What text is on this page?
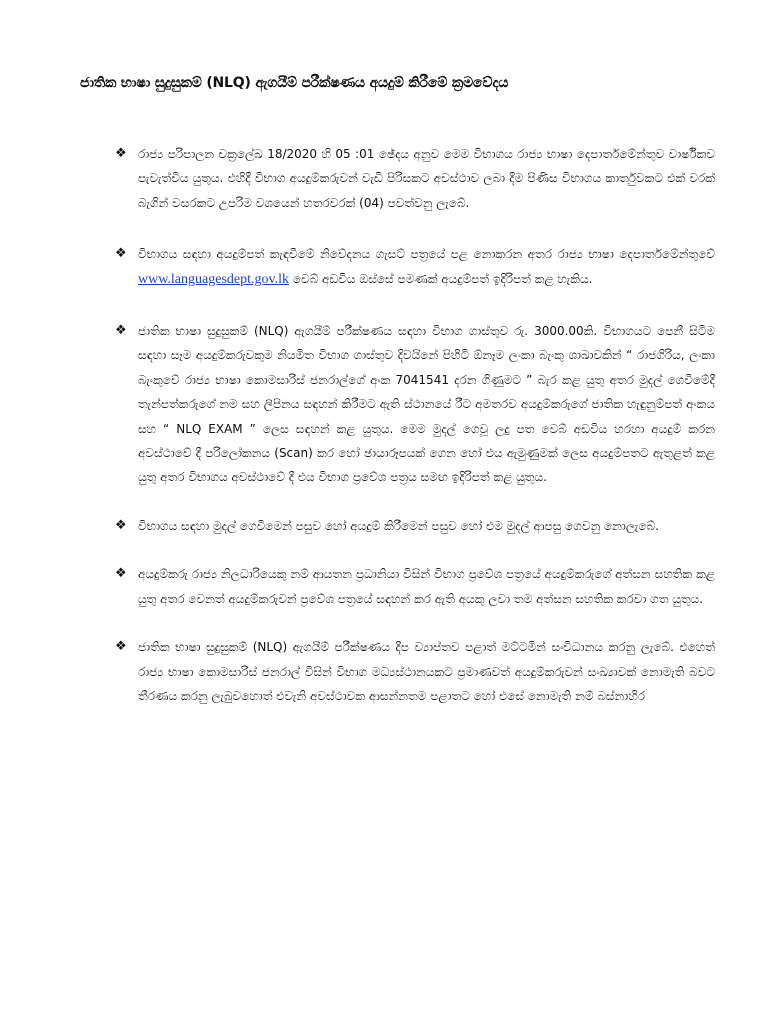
ජාතික භාෂා සුදුසුකම් (NLQ) ඇගයීම් පරීක්ෂණය අයදුම් කිරීමේ ක්‍රමවේදය
❖ රාජ්‍ය පරිපාලන චක්‍රලේඛ 18/2020 හි 05 :01 ඡේදය අනුව මෙම විභාගය රාජ්‍ය භාෂා දෙපාර්තමේන්තුව වාර්ෂිකව පැවැත්විය යුතුය. එහිදී විභාග අයදුම්කරුවන් වැඩි පිරිසකට අවස්ථාව ලබා දීම පිණිස විභාගය කාර්තුවකට එක් වරක් බැගින් වසරකට උපරිම වශයෙන් හතරවරක් (04) පවත්වනු ලැබේ.
❖ විභාගය සඳහා අයදුම්පත් කැඳවීමේ නිවේදනය ගැසට් පත්‍රයේ පළ නොකරන අතර රාජ්‍ය භාෂා දෙපාර්තමේන්තුවේ www.languagesdept.gov.lk වෙබ් අඩවිය ඔස්සේ පමණක් අයදුම්පත් ඉදිරිපත් කළ හැකිය.
❖ ජාතික භාෂා සුදුසුකම් (NLQ) ඇගයීම් පරීක්ෂණය සඳහා විභාග ගාස්තුව රු. 3000.00කි. විභාගයට පෙනී සිටීම සඳහා සෑම අයදුම්කරුවකුම නියමිත විභාග ගාස්තුව දිවයිනේ පිහිටි ඕනෑම ලංකා බැංකු ශාඛාවකින් “ රාජගිරිය, ලංකා බැංකුවේ රාජ්‍ය භාෂා කොමසාරිස් ජනරාල්ගේ අංක 7041541 දරන ගිණුමට ” බැර කළ යුතු අතර මුදල් ගෙවීමේදී තැන්පත්කරුගේ නම සහ ලිපිනය සඳහන් කිරීමට ඇති ස්ථානයේ රීට අමතරව අයදුම්කරුගේ ජාතික හැඳුනුම්පත් අංකය සහ “ NLQ EXAM ” ලෙස සඳහන් කළ යුතුය. මෙම මුදල් ගෙවූ ලදු පත වෙබ් අඩවිය හරහා අයදුම් කරන අවස්ථාවේ දී පරිලෝකනය (Scan) කර හෝ ඡායාරූපයක් ගෙන හෝ එය ඇමුණුමක් ලෙස අයදුම්පතට ඇතුළත් කළ යුතු අතර විභාගය අවස්ථාවේ දී එය විභාග ප්‍රවේශ පත්‍රය සමඟ ඉදිරිපත් කළ යුතුය.
❖ විභාගය සඳහා මුදල් ගෙවීමෙන් පසුව හෝ අයදුම් කිරීමෙන් පසුව හෝ එම මුදල් ආපසු ගෙවනු නොලැබේ.
❖ අයදුම්කරු රාජ්‍ය නිලධාරියෙකු නම් ආයතන ප්‍රධානියා විසින් විභාග ප්‍රවේශ පත්‍රයේ අයදුම්කරුගේ අත්සන සහතික කළ යුතු අතර වෙනත් අයදුම්කරුවන් ප්‍රවේශ පත්‍රයේ සඳහන් කර ඇති අයකු ලවා තම අත්සන සහතික කරවා ගත යුතුය.
❖ ජාතික භාෂා සුදුසුකම් (NLQ) ඇගයීම් පරීක්ෂණය දීප ව්‍යාප්තව පළාත් මට්ටමින් සංවිධානය කරනු ලැබේ. එහෙත් රාජ්‍ය භාෂා කොමසාරිස් ජනරාල් විසින් විභාග මධ්‍යස්ථානයකට ප්‍රමාණවත් අයදුම්කරුවන් සංඛ්‍යාවක් නොමැති බවට තීරණය කරනු ලැබුවහොත් එවැනි අවස්ථාවක ආසන්නතම පළාතට හෝ එසේ නොමැති නම් බස්නාහිර
